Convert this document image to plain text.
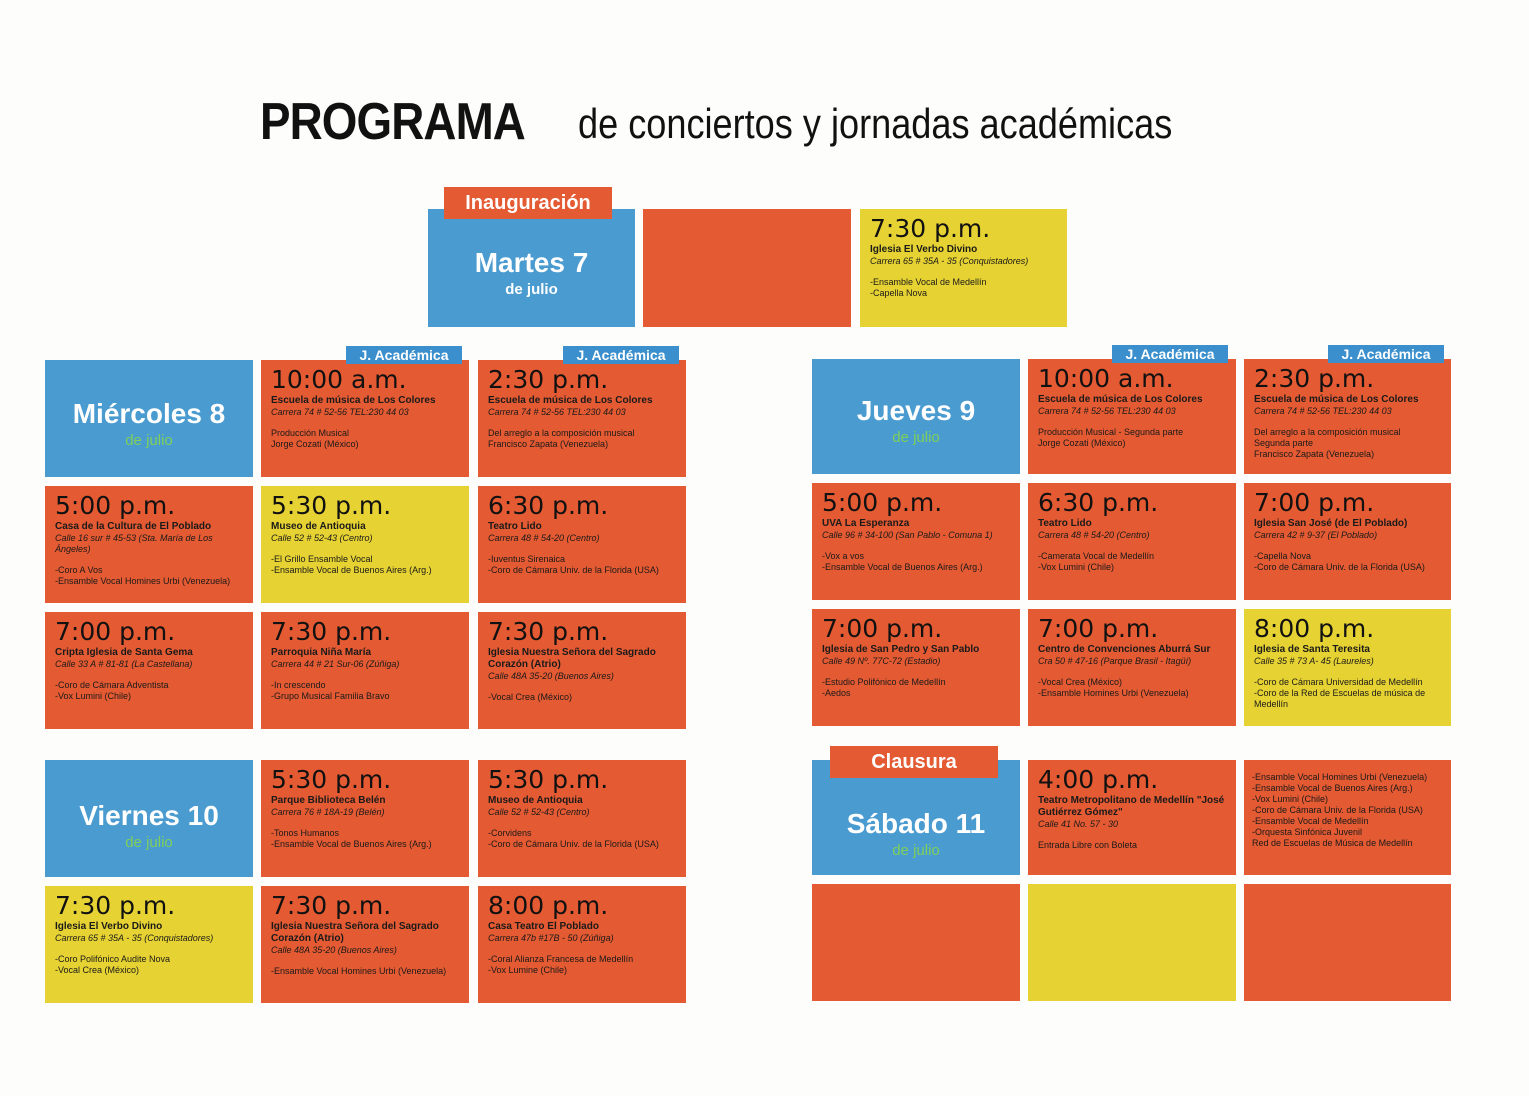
PROGRAMA de conciertos y jornadas académicas
Martes 7
de julio
Inauguración
7:30 p.m.
Iglesia El Verbo Divino
Carrera 65 # 35A - 35 (Conquistadores)
-Ensamble Vocal de Medellín
-Capella Nova
Miércoles 8
de julio
10:00 a.m.
Escuela de música de Los Colores
Carrera 74 # 52-56 TEL:230 44 03
Producción Musical
Jorge Cozati (México)
J. Académica
2:30 p.m.
Escuela de música de Los Colores
Carrera 74 # 52-56 TEL:230 44 03
Del arreglo a la composición musical
Francisco Zapata (Venezuela)
J. Académica
5:00 p.m.
Casa de la Cultura de El Poblado
Calle 16 sur # 45-53 (Sta. María de Los Ángeles)
-Coro A Vos
-Ensamble Vocal Homines Urbi (Venezuela)
5:30 p.m.
Museo de Antioquia
Calle 52 # 52-43 (Centro)
-El Grillo Ensamble Vocal
-Ensamble Vocal de Buenos Aires (Arg.)
6:30 p.m.
Teatro Lido
Carrera 48 # 54-20 (Centro)
-Iuventus Sirenaica
-Coro de Cámara Univ. de la Florida (USA)
7:00 p.m.
Cripta Iglesia de Santa Gema
Calle 33 A # 81-81 (La Castellana)
-Coro de Cámara Adventista
-Vox Lumini (Chile)
7:30 p.m.
Parroquia Niña María
Carrera 44 # 21 Sur-06 (Zúñiga)
-In crescendo
-Grupo Musical Familia Bravo
7:30 p.m.
Iglesia Nuestra Señora del Sagrado Corazón (Atrio)
Calle 48A 35-20 (Buenos Aires)
-Vocal Crea (México)
Jueves 9
de julio
10:00 a.m.
Escuela de música de Los Colores
Carrera 74 # 52-56 TEL:230 44 03
Producción Musical - Segunda parte
Jorge Cozati (México)
J. Académica
2:30 p.m.
Escuela de música de Los Colores
Carrera 74 # 52-56 TEL:230 44 03
Del arreglo a la composición musical
Segunda parte
Francisco Zapata (Venezuela)
J. Académica
5:00 p.m.
UVA La Esperanza
Calle 96 # 34-100 (San Pablo - Comuna 1)
-Vox a vos
-Ensamble Vocal de Buenos Aires (Arg.)
6:30 p.m.
Teatro Lido
Carrera 48 # 54-20 (Centro)
-Camerata Vocal de Medellín
-Vox Lumini (Chile)
7:00 p.m.
Iglesia San José (de El Poblado)
Carrera 42 # 9-37 (El Poblado)
-Capella Nova
-Coro de Cámara Univ. de la Florida (USA)
7:00 p.m.
Iglesia de San Pedro y San Pablo
Calle 49 Nº. 77C-72 (Estadio)
-Estudio Polifónico de Medellín
-Aedos
7:00 p.m.
Centro de Convenciones Aburrá Sur
Cra 50 # 47-16 (Parque Brasil - Itagüí)
-Vocal Crea (México)
-Ensamble Homines Urbi (Venezuela)
8:00 p.m.
Iglesia de Santa Teresita
Calle 35 # 73 A- 45 (Laureles)
-Coro de Cámara Universidad de Medellín
-Coro de la Red de Escuelas de música de Medellín
Viernes 10
de julio
5:30 p.m.
Parque Biblioteca Belén
Carrera 76 # 18A-19 (Belén)
-Tonos Humanos
-Ensamble Vocal de Buenos Aires (Arg.)
5:30 p.m.
Museo de Antioquia
Calle 52 # 52-43 (Centro)
-Corvidens
-Coro de Cámara Univ. de la Florida (USA)
7:30 p.m.
Iglesia El Verbo Divino
Carrera 65 # 35A - 35 (Conquistadores)
-Coro Polifónico Audite Nova
-Vocal Crea (México)
7:30 p.m.
Iglesia Nuestra Señora del Sagrado Corazón (Atrio)
Calle 48A 35-20 (Buenos Aires)
-Ensamble Vocal Homines Urbi (Venezuela)
8:00 p.m.
Casa Teatro El Poblado
Carrera 47b #17B - 50 (Zúñiga)
-Coral Alianza Francesa de Medellín
-Vox Lumine (Chile)
Sábado 11
de julio
Clausura
4:00 p.m.
Teatro Metropolitano de Medellín "José Gutiérrez Gómez"
Calle 41 No. 57 - 30
Entrada Libre con Boleta
-Ensamble Vocal Homines Urbi (Venezuela)
-Ensamble Vocal de Buenos Aires (Arg.)
-Vox Lumini (Chile)
-Coro de Cámara Univ. de la Florida (USA)
-Ensamble Vocal de Medellín
-Orquesta Sinfónica Juvenil
Red de Escuelas de Música de Medellín
